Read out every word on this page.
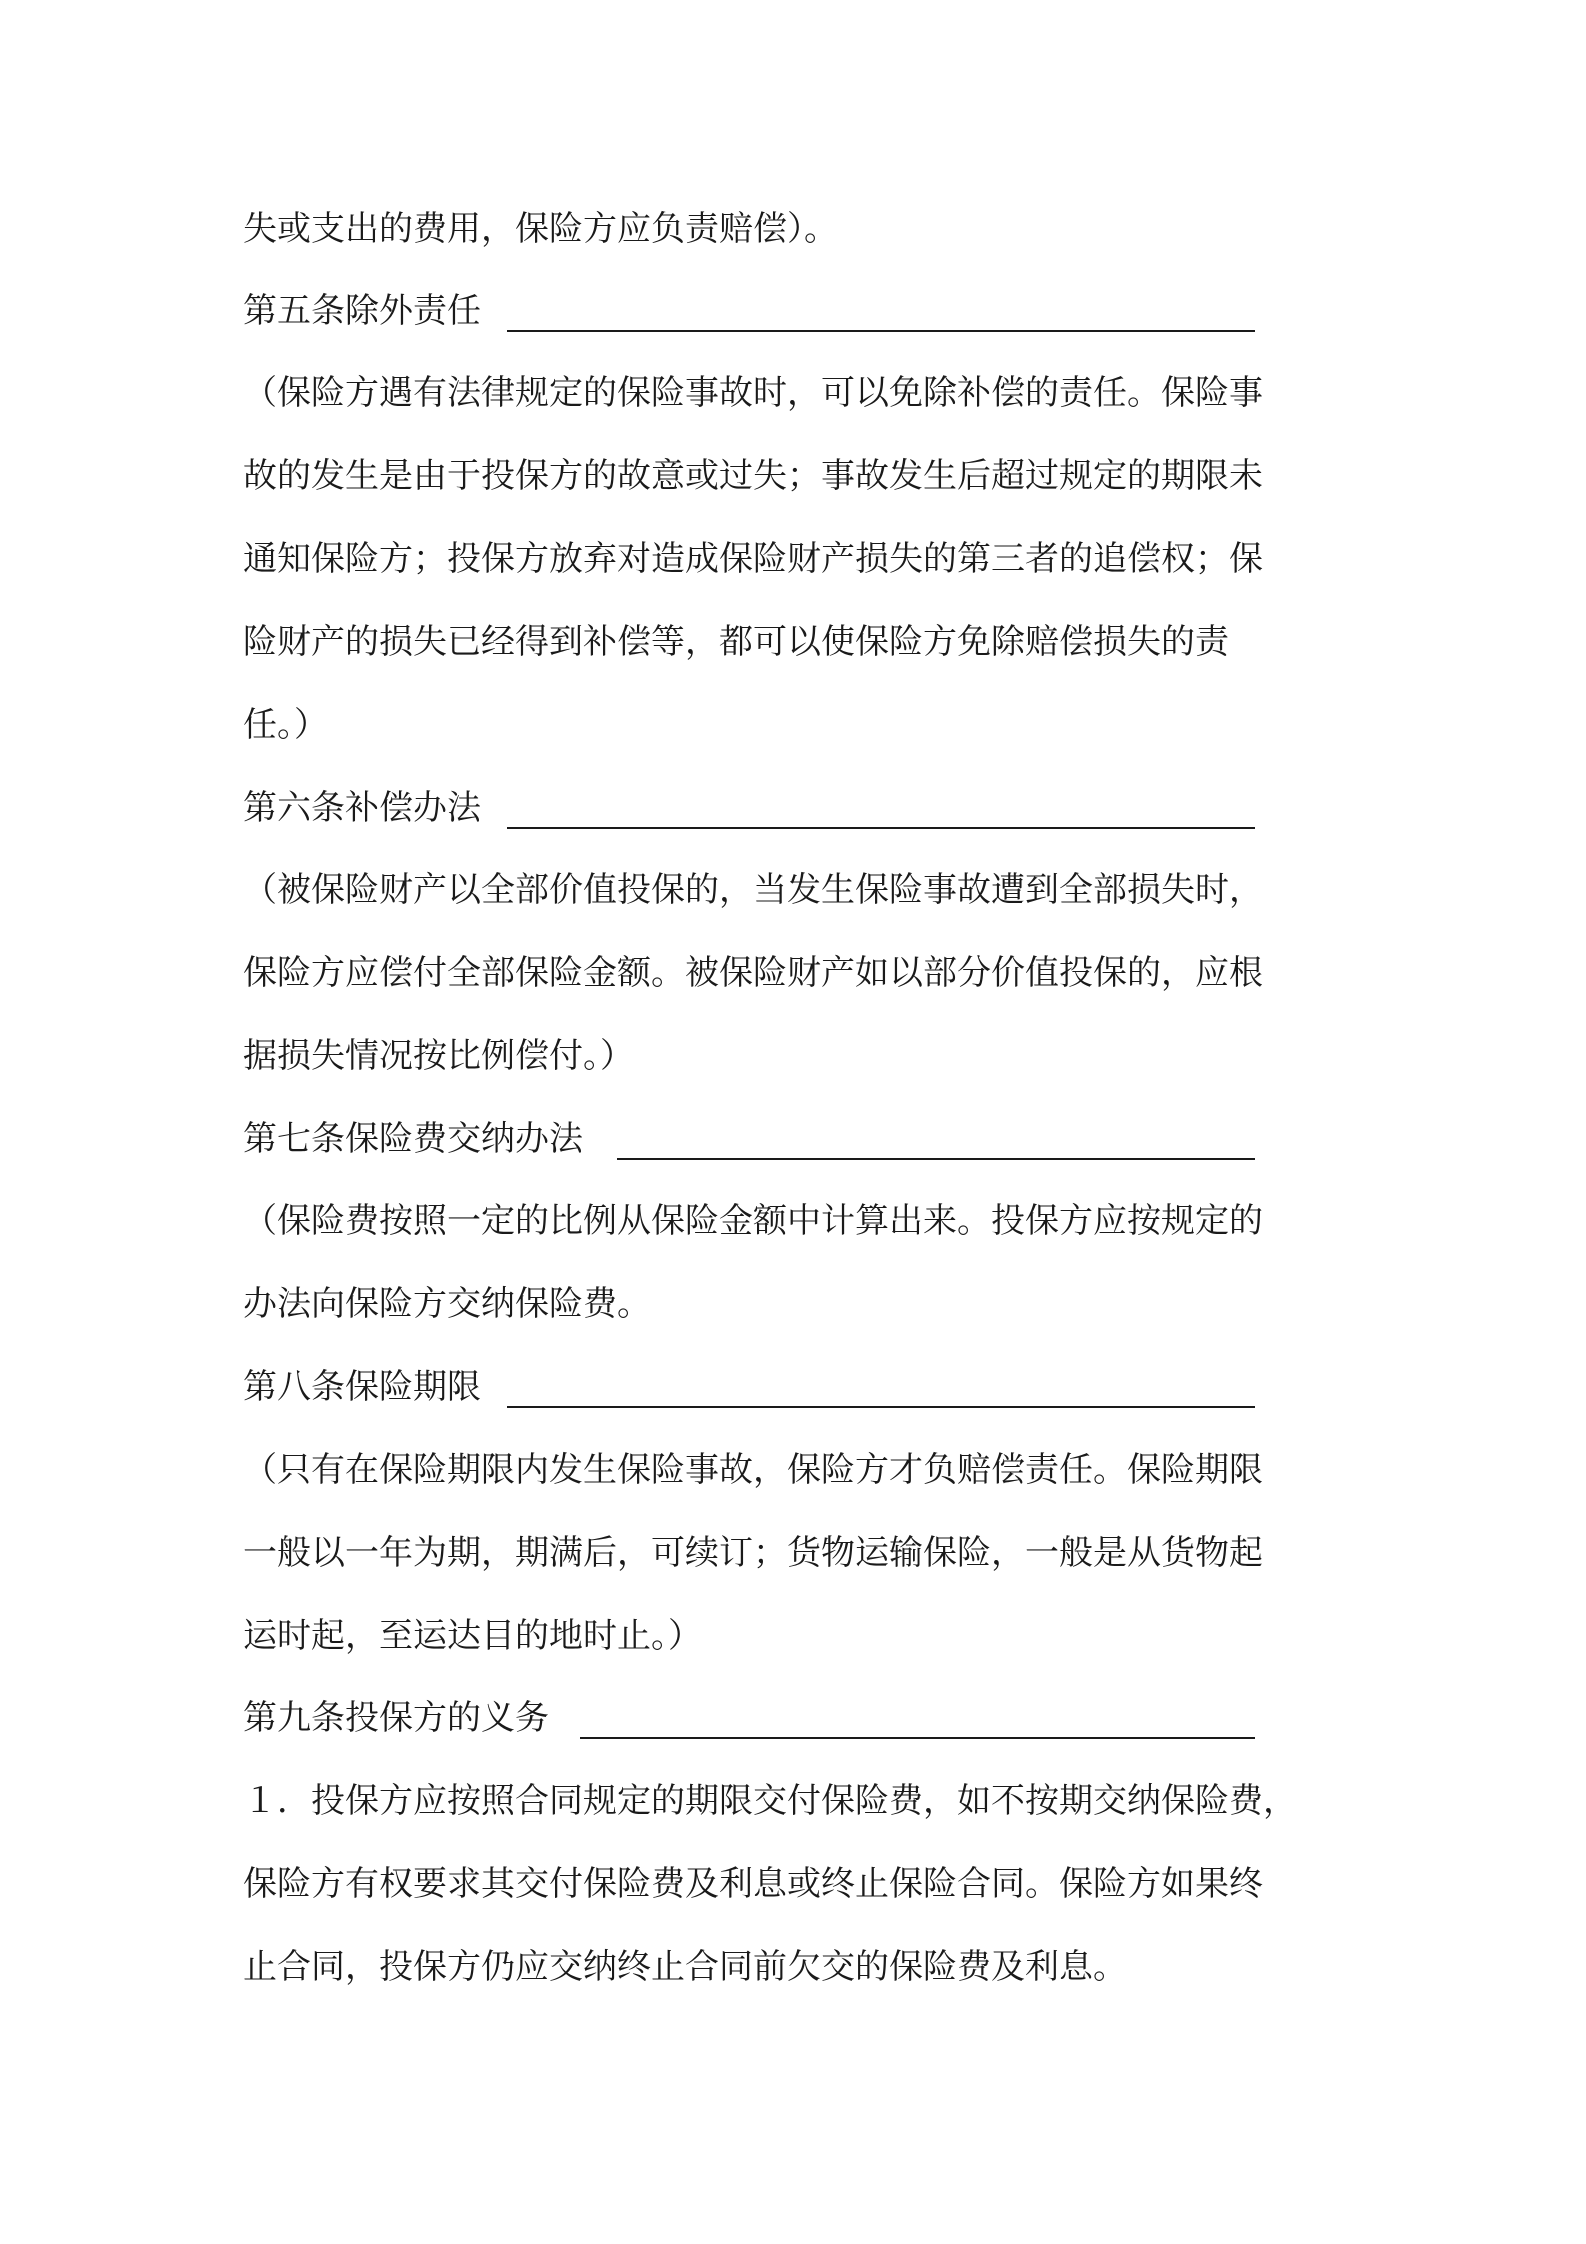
失或支出的费用，保险方应负责赔偿）。

第五条除外责任

（保险方遇有法律规定的保险事故时，可以免除补偿的责任。保险事

故的发生是由于投保方的故意或过失；事故发生后超过规定的期限未

通知保险方；投保方放弃对造成保险财产损失的第三者的追偿权；保

险财产的损失已经得到补偿等，都可以使保险方免除赔偿损失的责

任。）

第六条补偿办法

（被保险财产以全部价值投保的，当发生保险事故遭到全部损失时，

保险方应偿付全部保险金额。被保险财产如以部分价值投保的，应根

据损失情况按比例偿付。）

第七条保险费交纳办法

（保险费按照一定的比例从保险金额中计算出来。投保方应按规定的

办法向保险方交纳保险费。

第八条保险期限

（只有在保险期限内发生保险事故，保险方才负赔偿责任。保险期限

一般以一年为期，期满后，可续订；货物运输保险，一般是从货物起

运时起，至运达目的地时止。）

第九条投保方的义务

１．投保方应按照合同规定的期限交付保险费，如不按期交纳保险费，

保险方有权要求其交付保险费及利息或终止保险合同。保险方如果终

止合同，投保方仍应交纳终止合同前欠交的保险费及利息。
